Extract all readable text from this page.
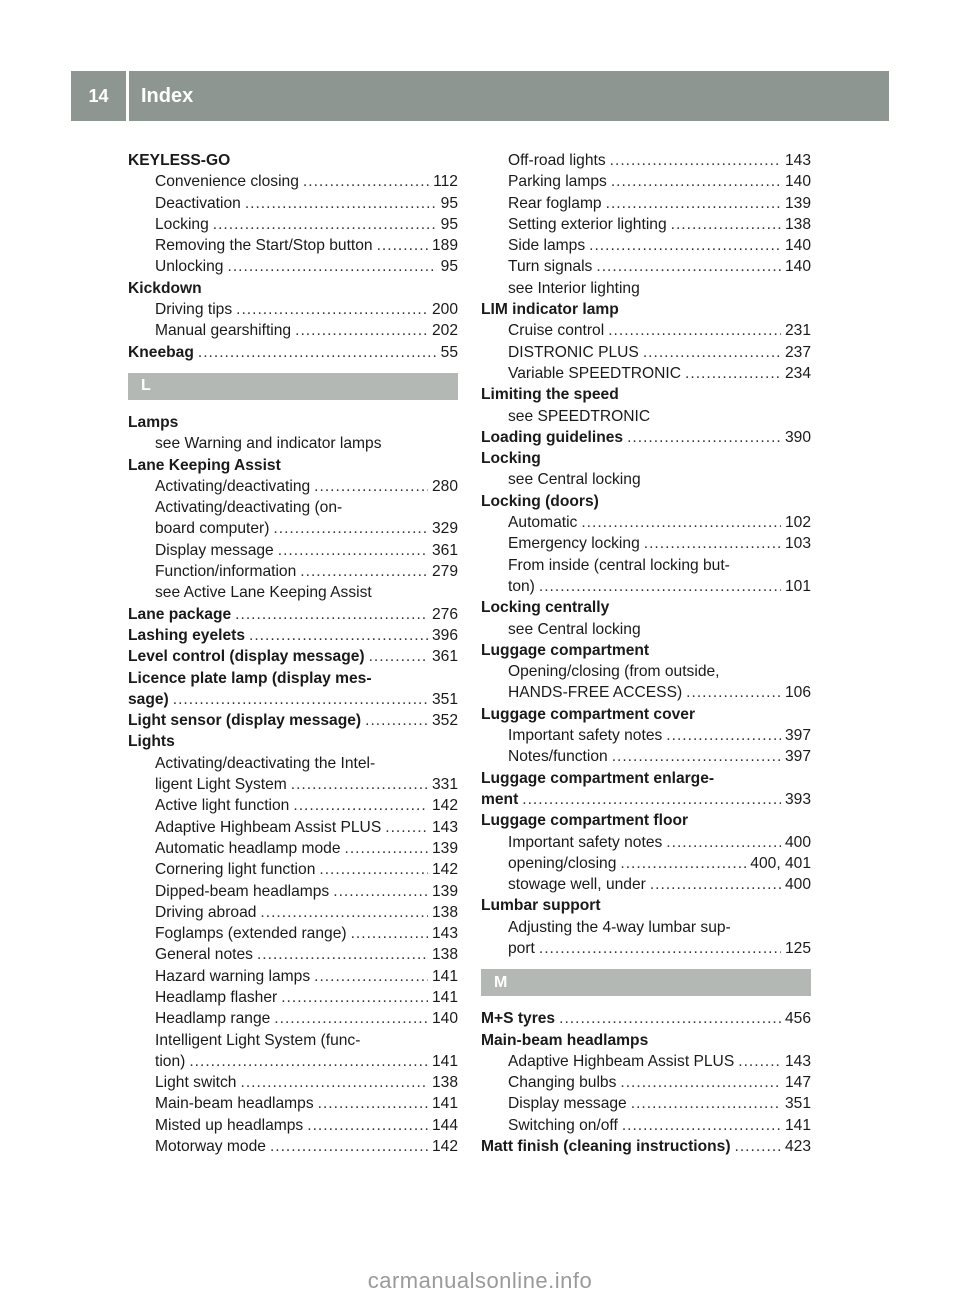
14	Index
KEYLESS-GO
Convenience closing .....	112
Deactivation .....	95
Locking .....	95
Removing the Start/Stop button .....	189
Unlocking .....	95
Kickdown
Driving tips .....	200
Manual gearshifting .....	202
Kneebag .....	55
L
Lamps
see Warning and indicator lamps
Lane Keeping Assist
Activating/deactivating .....	280
Activating/deactivating (on-
board computer) .....	329
Display message .....	361
Function/information .....	279
see Active Lane Keeping Assist
Lane package .....	276
Lashing eyelets .....	396
Level control (display message) .....	361
Licence plate lamp (display mes-
sage) .....	351
Light sensor (display message) .....	352
Lights
Activating/deactivating the Intel-
ligent Light System .....	331
Active light function .....	142
Adaptive Highbeam Assist PLUS .....	143
Automatic headlamp mode .....	139
Cornering light function .....	142
Dipped-beam headlamps .....	139
Driving abroad .....	138
Foglamps (extended range) .....	143
General notes .....	138
Hazard warning lamps .....	141
Headlamp flasher .....	141
Headlamp range .....	140
Intelligent Light System (func-
tion) .....	141
Light switch .....	138
Main-beam headlamps .....	141
Misted up headlamps .....	144
Motorway mode .....	142
Off-road lights .....	143
Parking lamps .....	140
Rear foglamp .....	139
Setting exterior lighting .....	138
Side lamps .....	140
Turn signals .....	140
see Interior lighting
LIM indicator lamp
Cruise control .....	231
DISTRONIC PLUS .....	237
Variable SPEEDTRONIC .....	234
Limiting the speed
see SPEEDTRONIC
Loading guidelines .....	390
Locking
see Central locking
Locking (doors)
Automatic .....	102
Emergency locking .....	103
From inside (central locking but-
ton) .....	101
Locking centrally
see Central locking
Luggage compartment
Opening/closing (from outside,
HANDS-FREE ACCESS) .....	106
Luggage compartment cover
Important safety notes .....	397
Notes/function .....	397
Luggage compartment enlarge-
ment .....	393
Luggage compartment floor
Important safety notes .....	400
opening/closing .....	400, 401
stowage well, under .....	400
Lumbar support
Adjusting the 4-way lumbar sup-
port .....	125
M
M+S tyres .....	456
Main-beam headlamps
Adaptive Highbeam Assist PLUS .....	143
Changing bulbs .....	147
Display message .....	351
Switching on/off .....	141
Matt finish (cleaning instructions) .....	423
carmanualsonline.info
